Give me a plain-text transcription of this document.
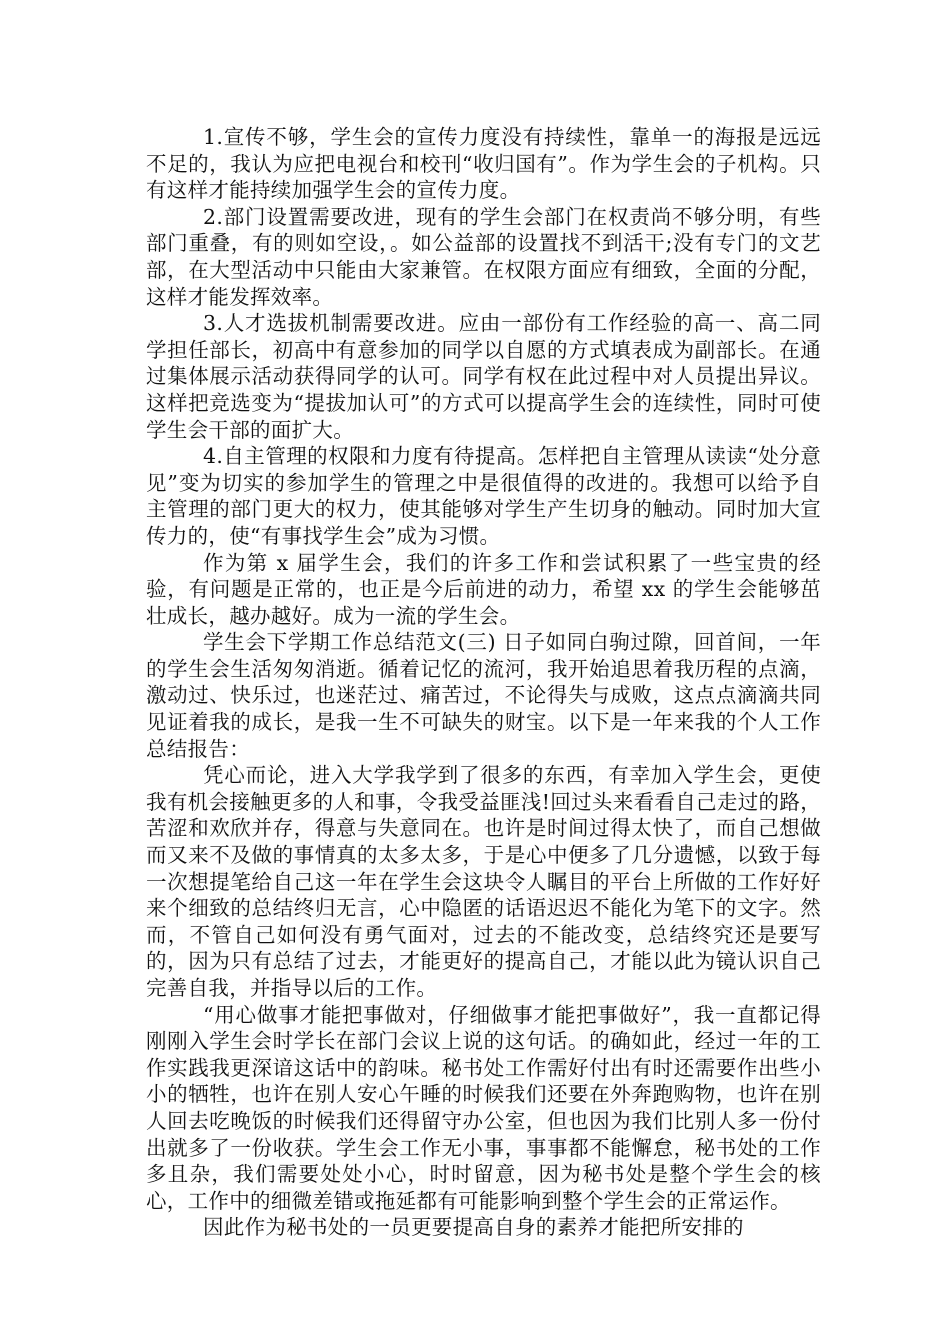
1.宣传不够，学生会的宣传力度没有持续性，靠单一的海报是远远不足的，我认为应把电视台和校刊“收归国有”。作为学生会的子机构。只有这样才能持续加强学生会的宣传力度。

2.部门设置需要改进，现有的学生会部门在权责尚不够分明，有些部门重叠，有的则如空设，。如公益部的设置找不到活干;没有专门的文艺部，在大型活动中只能由大家兼管。在权限方面应有细致，全面的分配，这样才能发挥效率。

3.人才选拔机制需要改进。应由一部份有工作经验的高一、高二同学担任部长，初高中有意参加的同学以自愿的方式填表成为副部长。在通过集体展示活动获得同学的认可。同学有权在此过程中对人员提出异议。这样把竞选变为“提拔加认可”的方式可以提高学生会的连续性，同时可使学生会干部的面扩大。

4.自主管理的权限和力度有待提高。怎样把自主管理从读读“处分意见”变为切实的参加学生的管理之中是很值得的改进的。我想可以给予自主管理的部门更大的权力，使其能够对学生产生切身的触动。同时加大宣传力的，使“有事找学生会”成为习惯。

作为第 x 届学生会，我们的许多工作和尝试积累了一些宝贵的经验，有问题是正常的，也正是今后前进的动力，希望 xx 的学生会能够茁壮成长，越办越好。成为一流的学生会。

学生会下学期工作总结范文(三) 日子如同白驹过隙，回首间，一年的学生会生活匆匆消逝。循着记忆的流河，我开始追思着我历程的点滴，激动过、快乐过，也迷茫过、痛苦过，不论得失与成败，这点点滴滴共同见证着我的成长，是我一生不可缺失的财宝。以下是一年来我的个人工作总结报告：

凭心而论，进入大学我学到了很多的东西，有幸加入学生会，更使我有机会接触更多的人和事，令我受益匪浅!回过头来看看自己走过的路，苦涩和欢欣并存，得意与失意同在。也许是时间过得太快了，而自己想做而又来不及做的事情真的太多太多，于是心中便多了几分遗憾，以致于每一次想提笔给自己这一年在学生会这块令人瞩目的平台上所做的工作好好来个细致的总结终归无言，心中隐匿的话语迟迟不能化为笔下的文字。然而，不管自己如何没有勇气面对，过去的不能改变，总结终究还是要写的，因为只有总结了过去，才能更好的提高自己，才能以此为镜认识自己完善自我，并指导以后的工作。

“用心做事才能把事做对，仔细做事才能把事做好”，我一直都记得刚刚入学生会时学长在部门会议上说的这句话。的确如此，经过一年的工作实践我更深谙这话中的韵味。秘书处工作需好付出有时还需要作出些小小的牺牲，也许在别人安心午睡的时候我们还要在外奔跑购物，也许在别人回去吃晚饭的时候我们还得留守办公室，但也因为我们比别人多一份付出就多了一份收获。学生会工作无小事，事事都不能懈怠，秘书处的工作多且杂，我们需要处处小心，时时留意，因为秘书处是整个学生会的核心，工作中的细微差错或拖延都有可能影响到整个学生会的正常运作。

因此作为秘书处的一员更要提高自身的素养才能把所安排的
